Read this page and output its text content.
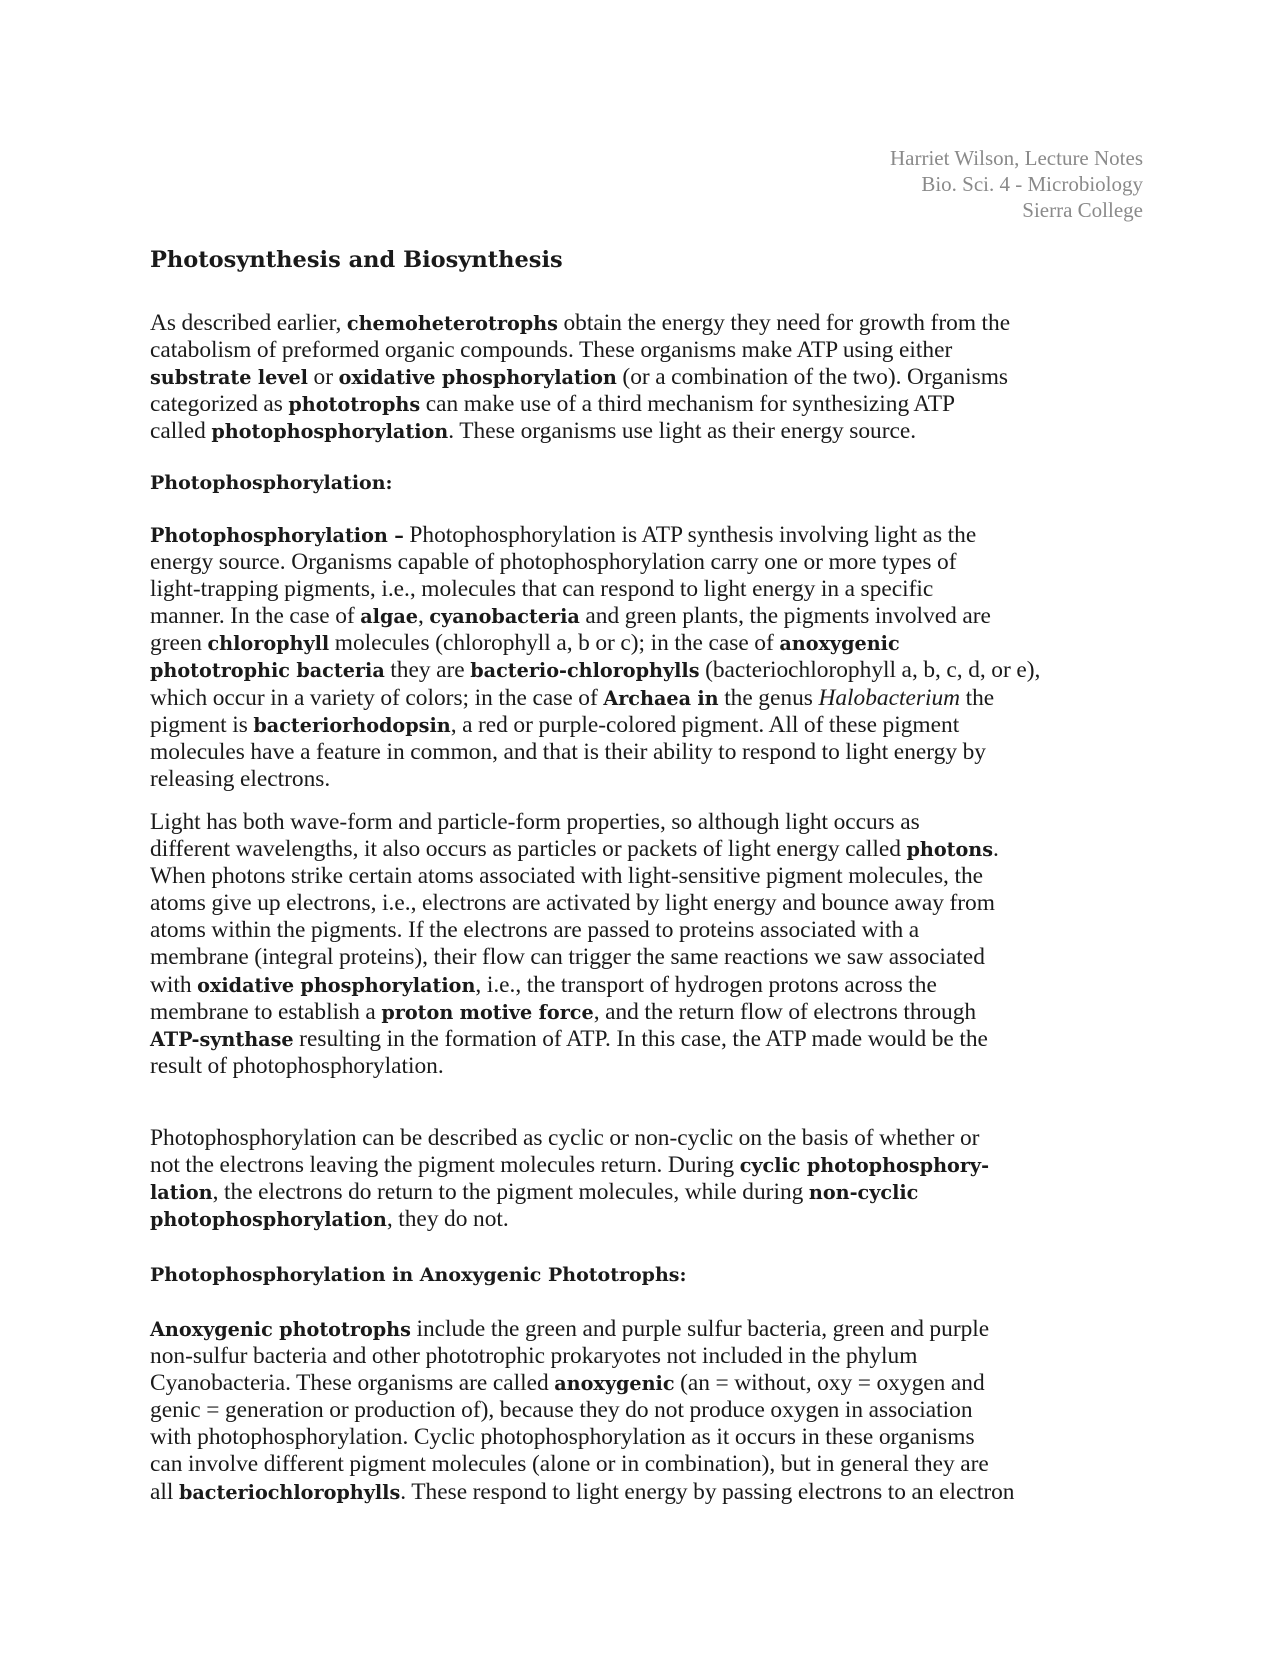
Harriet Wilson, Lecture Notes
Bio. Sci. 4 - Microbiology
Sierra College
Photosynthesis and Biosynthesis
As described earlier, chemoheterotrophs obtain the energy they need for growth from the
catabolism of preformed organic compounds. These organisms make ATP using either
substrate level or oxidative phosphorylation (or a combination of the two). Organisms
categorized as phototrophs can make use of a third mechanism for synthesizing ATP
called photophosphorylation. These organisms use light as their energy source.
Photophosphorylation:
Photophosphorylation – Photophosphorylation is ATP synthesis involving light as the
energy source. Organisms capable of photophosphorylation carry one or more types of
light-trapping pigments, i.e., molecules that can respond to light energy in a specific
manner. In the case of algae, cyanobacteria and green plants, the pigments involved are
green chlorophyll molecules (chlorophyll a, b or c); in the case of anoxygenic
phototrophic bacteria they are bacterio-chlorophylls (bacteriochlorophyll a, b, c, d, or e),
which occur in a variety of colors; in the case of Archaea in the genus Halobacterium the
pigment is bacteriorhodopsin, a red or purple-colored pigment. All of these pigment
molecules have a feature in common, and that is their ability to respond to light energy by
releasing electrons.
Light has both wave-form and particle-form properties, so although light occurs as
different wavelengths, it also occurs as particles or packets of light energy called photons.
When photons strike certain atoms associated with light-sensitive pigment molecules, the
atoms give up electrons, i.e., electrons are activated by light energy and bounce away from
atoms within the pigments. If the electrons are passed to proteins associated with a
membrane (integral proteins), their flow can trigger the same reactions we saw associated
with oxidative phosphorylation, i.e., the transport of hydrogen protons across the
membrane to establish a proton motive force, and the return flow of electrons through
ATP-synthase resulting in the formation of ATP. In this case, the ATP made would be the
result of photophosphorylation.
Photophosphorylation can be described as cyclic or non-cyclic on the basis of whether or
not the electrons leaving the pigment molecules return. During cyclic photophosphory-
lation, the electrons do return to the pigment molecules, while during non-cyclic
photophosphorylation, they do not.
Photophosphorylation in Anoxygenic Phototrophs:
Anoxygenic phototrophs include the green and purple sulfur bacteria, green and purple
non-sulfur bacteria and other phototrophic prokaryotes not included in the phylum
Cyanobacteria. These organisms are called anoxygenic (an = without, oxy = oxygen and
genic = generation or production of), because they do not produce oxygen in association
with photophosphorylation. Cyclic photophosphorylation as it occurs in these organisms
can involve different pigment molecules (alone or in combination), but in general they are
all bacteriochlorophylls. These respond to light energy by passing electrons to an electron
